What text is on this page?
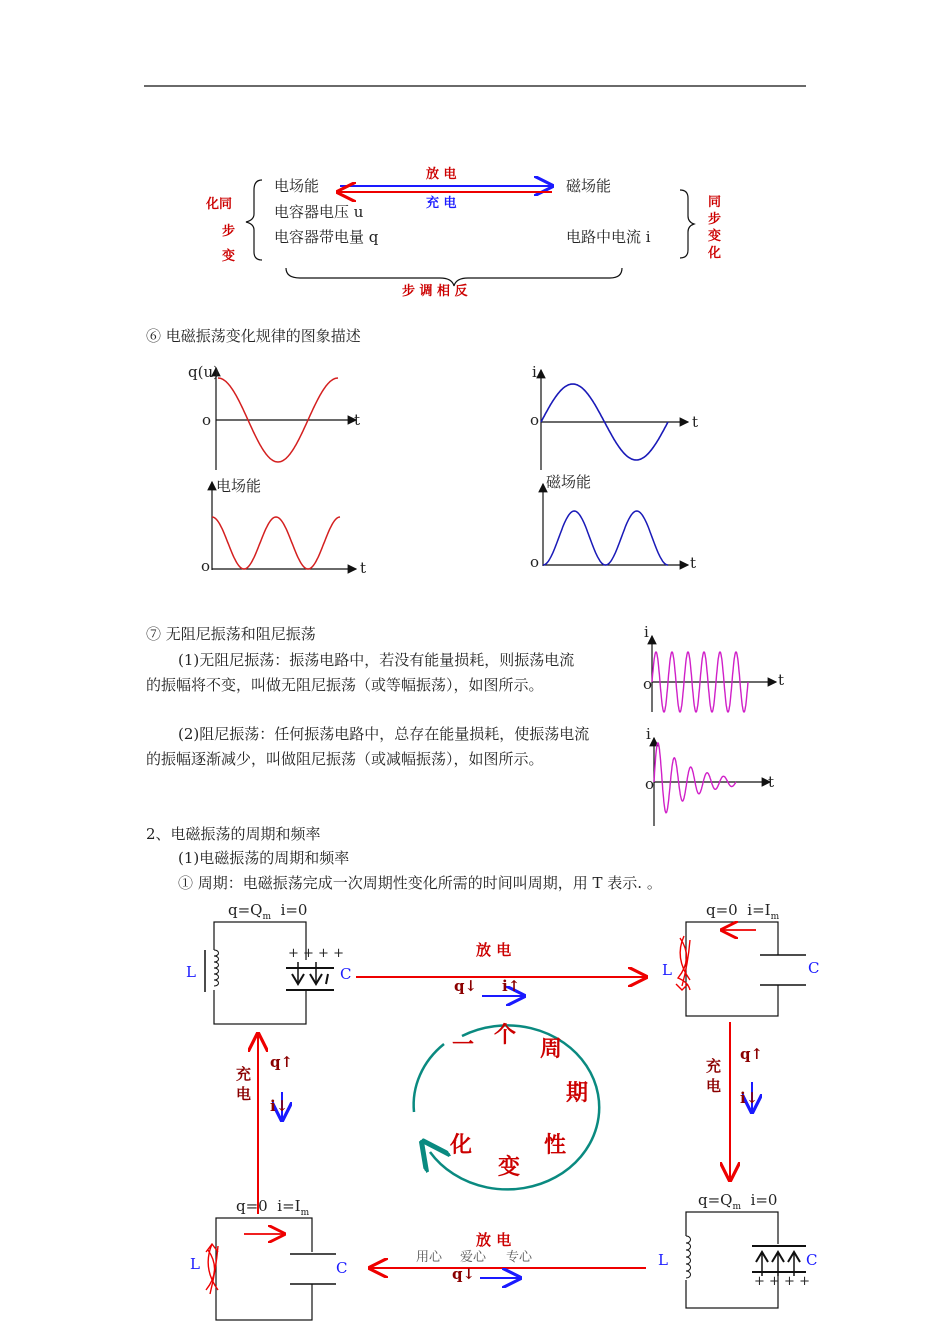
电场能
电容器电压 u
电容器带电量 q
磁场能
电路中电流 i
放 电
充 电
化同
步
变
同
步
变
化
步 调 相 反
⑥ 电磁振荡变化规律的图象描述
q(u)
o	t
i
o	t
电场能
o	t
磁场能
o	t
⑦ 无阻尼振荡和阻尼振荡
(1)无阻尼振荡：振荡电路中，若没有能量损耗，则振荡电流
的振幅将不变，叫做无阻尼振荡（或等幅振荡），如图所示。
(2)阻尼振荡：任何振荡电路中，总存在能量损耗，使振荡电流
的振幅逐渐减少，叫做阻尼振荡（或减幅振荡），如图所示。
i
o	t
i
o	t
2、电磁振荡的周期和频率
(1)电磁振荡的周期和频率
① 周期：电磁振荡完成一次周期性变化所需的时间叫周期，用 T 表示. 。
$q=Q_m$ i=0	q=0 $i=I_m$
q=0 $i=I_m$
$q=Q_m$ i=0
L	C
+ + + +
L	C
L	C	L	C
+ + + +
放 电
q↓ i↑
充
电
q↑
i↓
充
电
q↑
i↓
放 电
q↓
用心 爱心 专心
一 个
周
期
性
变
化
